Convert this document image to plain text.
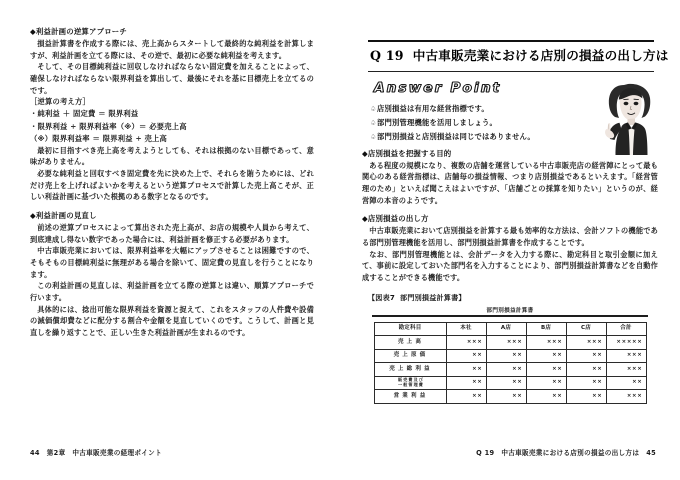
◆利益計画の逆算アプローチ

損益計算書を作成する際には、売上高からスタートして最終的な純利益を計算しますが、利益計画を立てる際には、その逆で、最初に必要な純利益を考えます。

そして、その目標純利益に回収しなければならない固定費を加えることによって、確保しなければならない限界利益を算出して、最後にそれを基に目標売上を立てるのです。

［逆算の考え方］
・純利益 ＋ 固定費 ＝ 限界利益
・限界利益 ÷ 限界利益率（※）＝ 必要売上高
（※）限界利益率 ＝ 限界利益 ÷ 売上高

最初に目指すべき売上高を考えようとしても、それは根拠のない目標であって、意味がありません。

必要な純利益と回収すべき固定費を先に決めた上で、それらを賄うためには、どれだけ売上を上げればよいかを考えるという逆算プロセスで計算した売上高こそが、正しい利益計画に基づいた根拠のある数字となるのです。

◆利益計画の見直し

前述の逆算プロセスによって算出された売上高が、お店の規模や人員から考えて、到底達成し得ない数字であった場合には、利益計画を修正する必要があります。

中古車販売業においては、限界利益率を大幅にアップさせることは困難ですので、そもそもの目標純利益に無理がある場合を除いて、固定費の見直しを行うことになります。

この利益計画の見直しは、利益計画を立てる際の逆算とは違い、順算アプローチで行います。

具体的には、捻出可能な限界利益を資源と捉えて、これをスタッフの人件費や設備の減価償却費などに配分する割合や金額を見直していくのです。こうして、計画と見直しを繰り返すことで、正しい生きた利益計画が生まれるのです。

44 第2章　中古車販売業の経理ポイント
Q 19 中古車販売業における店別の損益の出し方は
Answer Point
♤店別損益は有用な経営指標です。
♤部門別管理機能を活用しましょう。
♤部門別損益と店別損益は同じではありません。
◆店別損益を把握する目的

ある程度の規模になり、複数の店舗を運営している中古車販売店の経営陣にとって最も関心のある経営指標は、店舗毎の損益情報、つまり店別損益であるといえます。「経営管理のため」といえば聞こえはよいですが、「店舗ごとの採算を知りたい」というのが、経営陣の本音のようです。

◆店別損益の出し方

中古車販売業において店別損益を計算する最も効率的な方法は、会計ソフトの機能である部門別管理機能を活用し、部門別損益計算書を作成することです。

なお、部門別管理機能とは、会計データを入力する際に、勘定科目と取引金額に加えて、事前に設定しておいた部門名を入力することにより、部門別損益計算書などを自動作成することができる機能です。

【図表7 部門別損益計算書】
部門別損益計算書
勘定科目	本社	A店	B店	C店	合計
売上高	×××	×××	×××	×××	×××××
売上原価	××	××	××	××	×××
売上総利益	××	××	××	××	×××
販売費及び
一般管理費	××	××	××	××	××
営業利益	××	××	××	××	×××
Q 19　中古車販売業における店別の損益の出し方は 45
